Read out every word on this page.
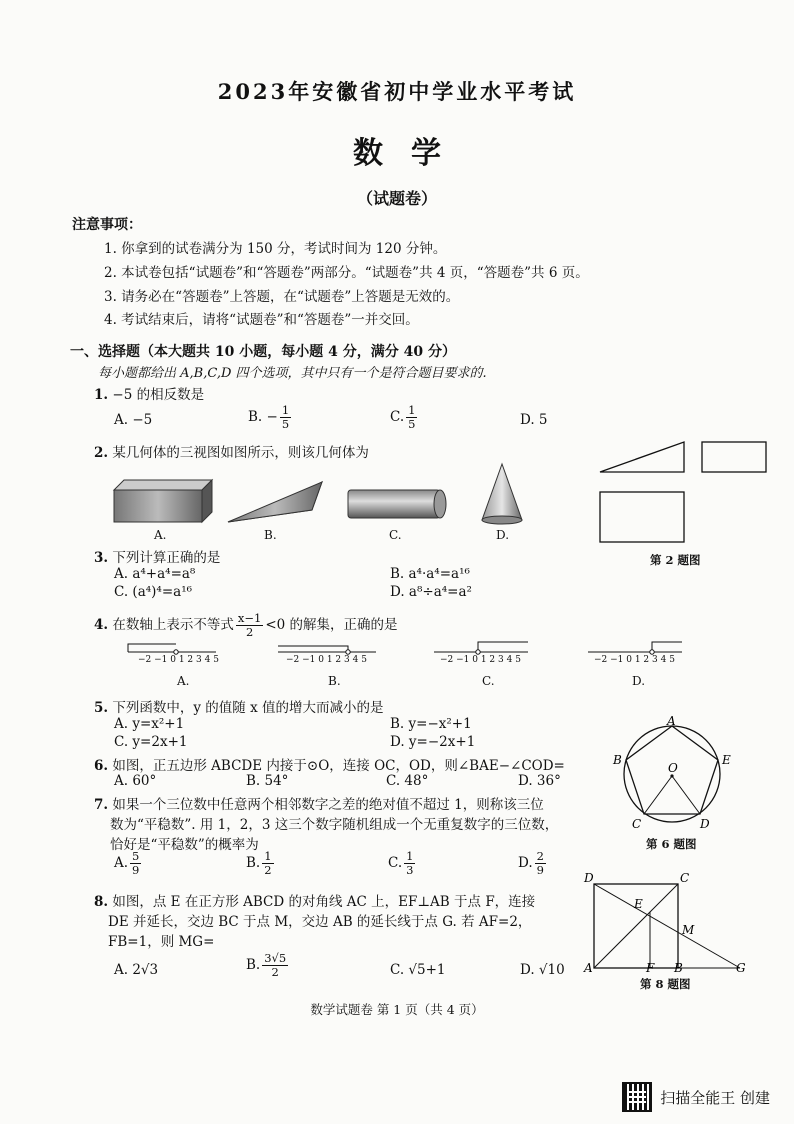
2023年安徽省初中学业水平考试
数学
（试题卷）
注意事项：
1. 你拿到的试卷满分为 150 分，考试时间为 120 分钟。
2. 本试卷包括“试题卷”和“答题卷”两部分。“试题卷”共 4 页，“答题卷”共 6 页。
3. 请务必在“答题卷”上答题，在“试题卷”上答题是无效的。
4. 考试结束后，请将“试题卷”和“答题卷”一并交回。
一、选择题（本大题共 10 小题，每小题 4 分，满分 40 分）
每小题都给出 A,B,C,D 四个选项，其中只有一个是符合题目要求的.
1. −5 的相反数是
A. −5	B. − $\frac{1}{5}$	C. $\frac{1}{5}$	D. 5
2. 某几何体的三视图如图所示，则该几何体为
A.	B.	C.	D.
第 2 题图
3. 下列计算正确的是
A. a⁴+a⁴=a⁸	B. a⁴·a⁴=a¹⁶
C. (a⁴)⁴=a¹⁶	D. a⁸÷a⁴=a²
4. 在数轴上表示不等式 $\frac{x-1}{2} <0$ 的解集，正确的是
−2 −1 0 1 2 3 4 5	−2 −1 0 1 2 3 4 5	−2 −1 0 1 2 3 4 5	−2 −1 0 1 2 3 4 5
A.	B.	C.	D.
5. 下列函数中，y 的值随 x 值的增大而减小的是
A. y=x²+1	B. y=−x²+1
C. y=2x+1	D. y=−2x+1
6. 如图，正五边形 ABCDE 内接于⊙O，连接 OC，OD，则∠BAE−∠COD=
A. 60°	B. 54°	C. 48°	D. 36°
A
B
C	D
E
O
第 6 题图
7. 如果一个三位数中任意两个相邻数字之差的绝对值不超过 1，则称该三位
数为“平稳数”. 用 1，2，3 这三个数字随机组成一个无重复数字的三位数，
恰好是“平稳数”的概率为
A. $\frac{5}{9}$	B. $\frac{1}{2}$	C. $\frac{1}{3}$	D. $\frac{2}{9}$
8. 如图，点 E 在正方形 ABCD 的对角线 AC 上，EF⊥AB 于点 F，连接
DE 并延长，交边 BC 于点 M，交边 AB 的延长线于点 G. 若 AF=2，
FB=1，则 MG=
A. 2√3	B. $\frac{3√5}{2}$	C. √5+1	D. √10
D	C
E
M
A	F B	G
第 8 题图
数学试题卷 第 1 页（共 4 页）
扫描全能王 创建
